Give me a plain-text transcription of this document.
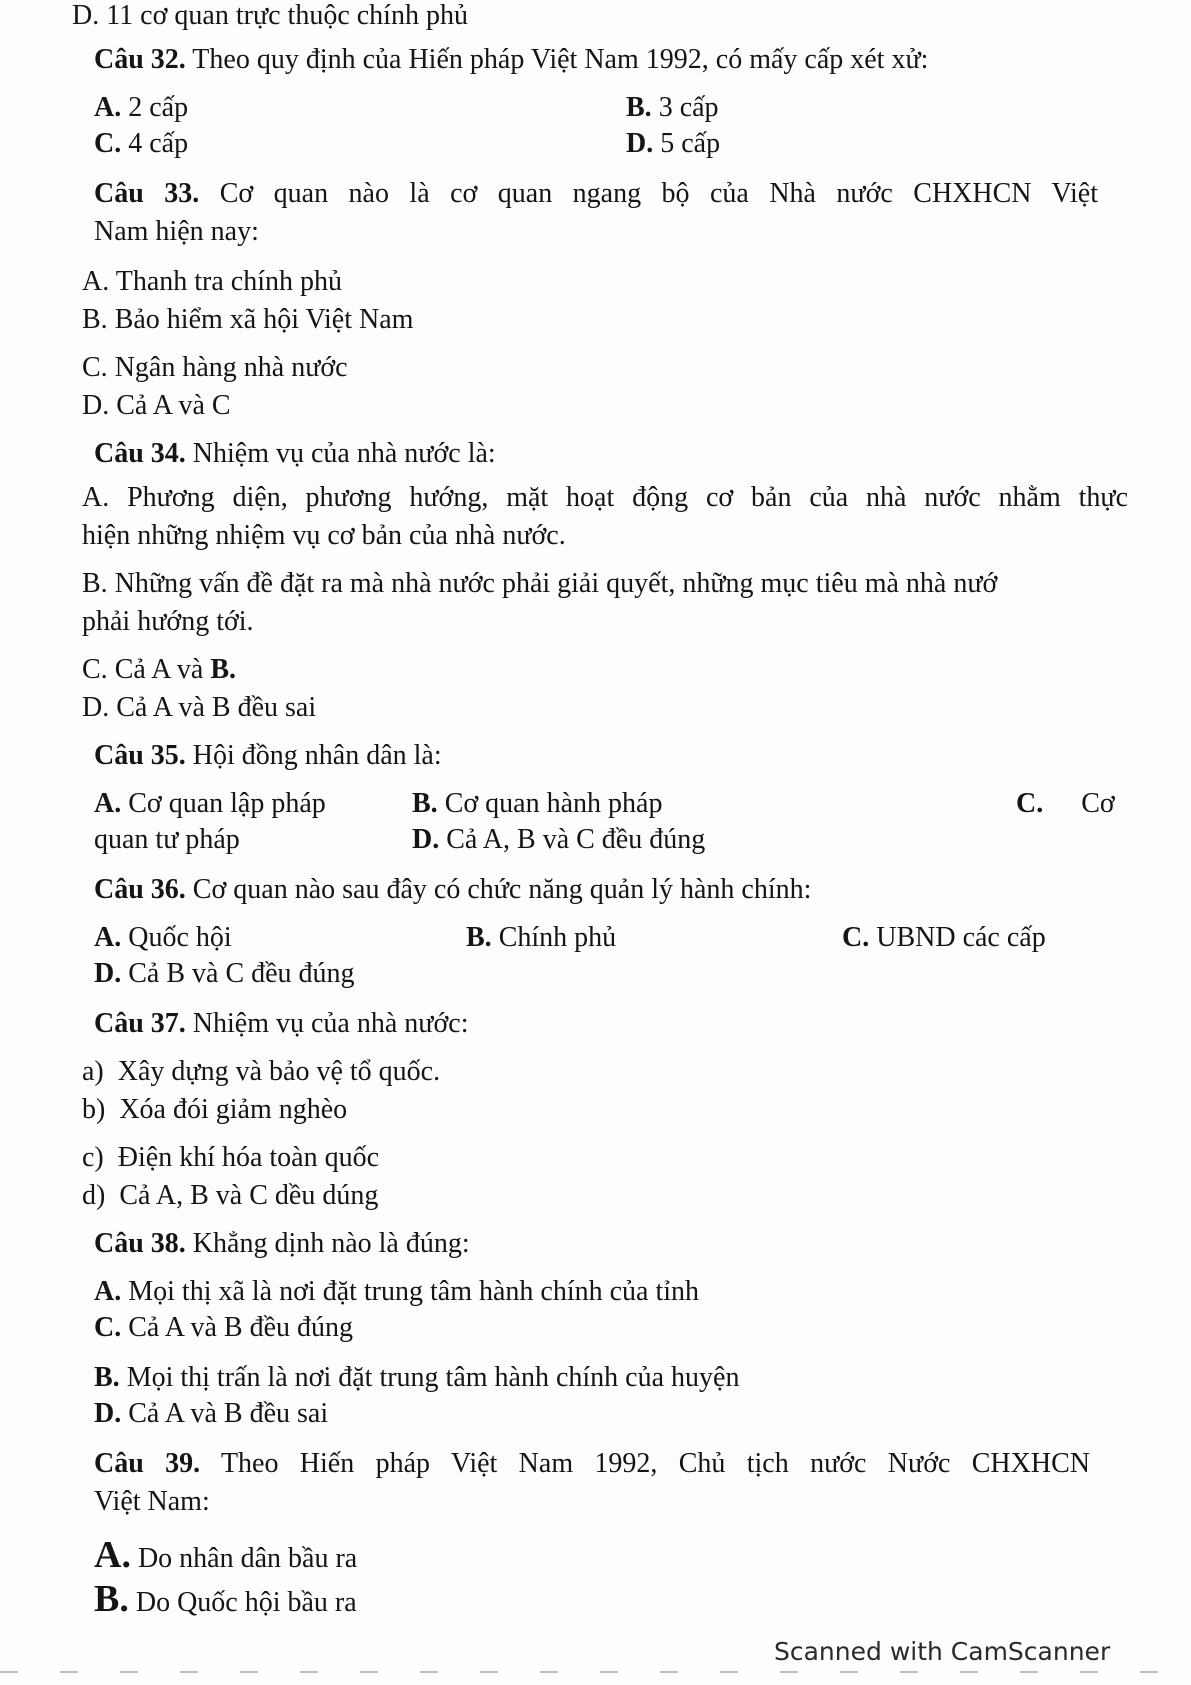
D. 11 cơ quan trực thuộc chính phủ
Câu 32. Theo quy định của Hiến pháp Việt Nam 1992, có mấy cấp xét xử:
A. 2 cấp	B. 3 cấp
C. 4 cấp	D. 5 cấp
Câu 33. Cơ quan nào là cơ quan ngang bộ của Nhà nước CHXHCN Việt
Nam hiện nay:
A. Thanh tra chính phủ
B. Bảo hiểm xã hội Việt Nam
C. Ngân hàng nhà nước
D. Cả A và C
Câu 34. Nhiệm vụ của nhà nước là:
A. Phương diện, phương hướng, mặt hoạt động cơ bản của nhà nước nhằm thực
hiện những nhiệm vụ cơ bản của nhà nước.
B. Những vấn đề đặt ra mà nhà nước phải giải quyết, những mục tiêu mà nhà nướ
phải hướng tới.
C. Cả A và B.
D. Cả A và B đều sai
Câu 35. Hội đồng nhân dân là:
A. Cơ quan lập pháp	B. Cơ quan hành pháp	C. Cơ
quan tư pháp	D. Cả A, B và C đều đúng
Câu 36. Cơ quan nào sau đây có chức năng quản lý hành chính:
A. Quốc hội	B. Chính phủ	C. UBND các cấp
D. Cả B và C đều đúng
Câu 37. Nhiệm vụ của nhà nước:
a) Xây dựng và bảo vệ tổ quốc.
b) Xóa đói giảm nghèo
c) Điện khí hóa toàn quốc
d) Cả A, B và C dều dúng
Câu 38. Khẳng dịnh nào là đúng:
A. Mọi thị xã là nơi đặt trung tâm hành chính của tỉnh
C. Cả A và B đều đúng
B. Mọi thị trấn là nơi đặt trung tâm hành chính của huyện
D. Cả A và B đều sai
Câu 39. Theo Hiến pháp Việt Nam 1992, Chủ tịch nước Nước CHXHCN
Việt Nam:
A. Do nhân dân bầu ra
B. Do Quốc hội bầu ra
Scanned with CamScanner
